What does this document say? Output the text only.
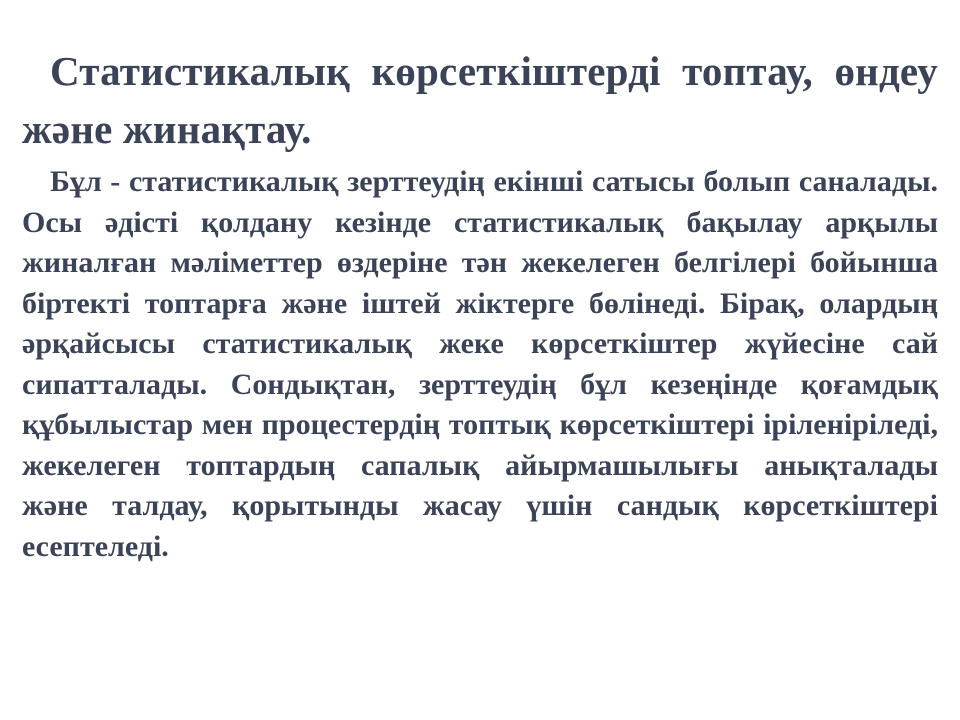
Статистикалық көрсеткіштерді топтау, өндеу және жинақтау.

Бұл - статистикалық зерттеудің екінші сатысы болып саналады. Осы әдісті қолдану кезінде статистикалық бақылау арқылы жиналған мәліметтер өздеріне тән жекелеген белгілері бойынша біртекті топтарға және іштей жіктерге бөлінеді. Бірақ, олардың әрқайсысы статистикалық жеке көрсеткіштер жүйесіне сай сипатталады. Сондықтан, зерттеудің бұл кезеңінде қоғамдық құбылыстар мен процестердің топтық көрсеткіштері іріленіріледі, жекелеген топтардың сапалық айырмашылығы анықталады және талдау, қорытынды жасау үшін сандық көрсеткіштері есептеледі.
